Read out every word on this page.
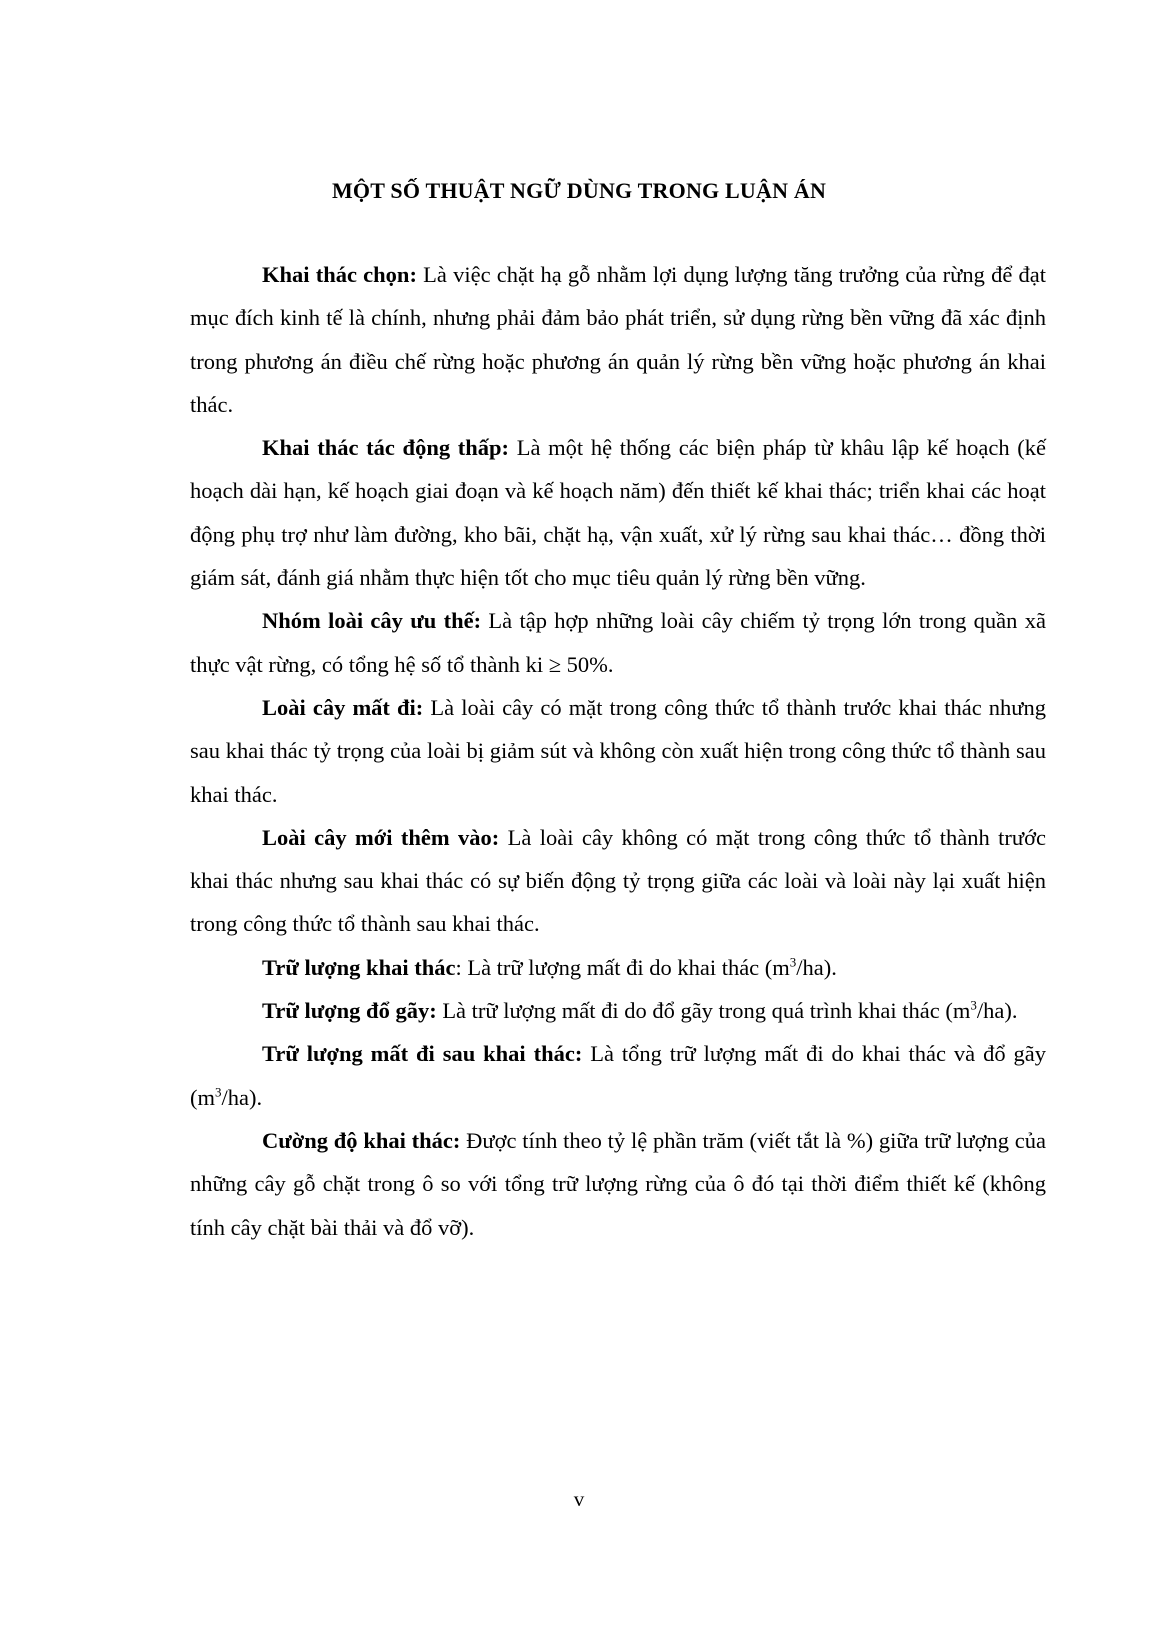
MỘT SỐ THUẬT NGỮ DÙNG TRONG LUẬN ÁN

Khai thác chọn: Là việc chặt hạ gỗ nhằm lợi dụng lượng tăng trưởng của rừng để đạt mục đích kinh tế là chính, nhưng phải đảm bảo phát triển, sử dụng rừng bền vững đã xác định trong phương án điều chế rừng hoặc phương án quản lý rừng bền vững hoặc phương án khai thác.

Khai thác tác động thấp: Là một hệ thống các biện pháp từ khâu lập kế hoạch (kế hoạch dài hạn, kế hoạch giai đoạn và kế hoạch năm) đến thiết kế khai thác; triển khai các hoạt động phụ trợ như làm đường, kho bãi, chặt hạ, vận xuất, xử lý rừng sau khai thác… đồng thời giám sát, đánh giá nhằm thực hiện tốt cho mục tiêu quản lý rừng bền vững.

Nhóm loài cây ưu thế: Là tập hợp những loài cây chiếm tỷ trọng lớn trong quần xã thực vật rừng, có tổng hệ số tổ thành ki ≥ 50%.

Loài cây mất đi: Là loài cây có mặt trong công thức tổ thành trước khai thác nhưng sau khai thác tỷ trọng của loài bị giảm sút và không còn xuất hiện trong công thức tổ thành sau khai thác.

Loài cây mới thêm vào: Là loài cây không có mặt trong công thức tổ thành trước khai thác nhưng sau khai thác có sự biến động tỷ trọng giữa các loài và loài này lại xuất hiện trong công thức tổ thành sau khai thác.

Trữ lượng khai thác: Là trữ lượng mất đi do khai thác $(m^3/ha)$.

Trữ lượng đổ gãy: Là trữ lượng mất đi do đổ gãy trong quá trình khai thác $(m^3/ha)$.

Trữ lượng mất đi sau khai thác: Là tổng trữ lượng mất đi do khai thác và đổ gãy $(m^3/ha)$.

Cường độ khai thác: Được tính theo tỷ lệ phần trăm (viết tắt là %) giữa trữ lượng của những cây gỗ chặt trong ô so với tổng trữ lượng rừng của ô đó tại thời điểm thiết kế (không tính cây chặt bài thải và đổ vỡ).

v
